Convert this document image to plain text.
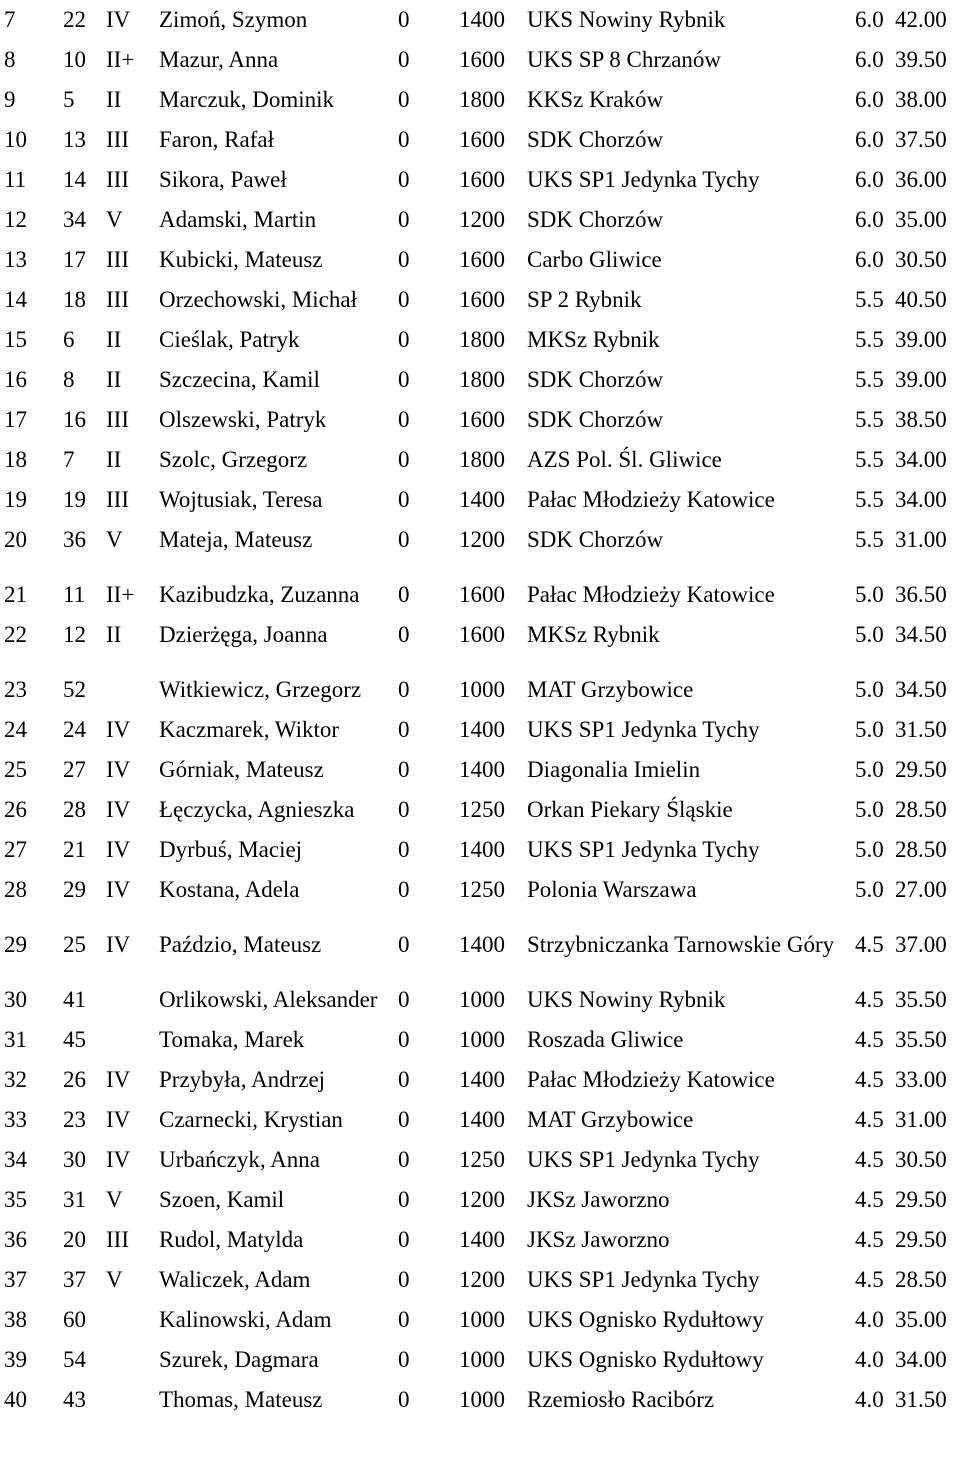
7	22 IV	Zimoń, Szymon	0	1400 UKS Nowiny Rybnik	6.0 42.00
8	10 II+	Mazur, Anna	0	1600 UKS SP 8 Chrzanów	6.0 39.50
9	5	II	Marczuk, Dominik	0	1800 KKSz Kraków	6.0 38.00
10	13 III	Faron, Rafał	0	1600 SDK Chorzów	6.0 37.50
11	14 III	Sikora, Paweł	0	1600 UKS SP1 Jedynka Tychy	6.0 36.00
12	34 V	Adamski, Martin	0	1200 SDK Chorzów	6.0 35.00
13	17 III	Kubicki, Mateusz	0	1600 Carbo Gliwice	6.0 30.50
14	18 III	Orzechowski, Michał	0	1600 SP 2 Rybnik	5.5 40.50
15	6	II	Cieślak, Patryk	0	1800 MKSz Rybnik	5.5 39.00
16	8	II	Szczecina, Kamil	0	1800 SDK Chorzów	5.5 39.00
17	16 III	Olszewski, Patryk	0	1600 SDK Chorzów	5.5 38.50
18	7	II	Szolc, Grzegorz	0	1800 AZS Pol. Śl. Gliwice	5.5 34.00
19	19 III	Wojtusiak, Teresa	0	1400 Pałac Młodzieży Katowice	5.5 34.00
20	36 V	Mateja, Mateusz	0	1200 SDK Chorzów	5.5 31.00
21	11 II+	Kazibudzka, Zuzanna	0	1600 Pałac Młodzieży Katowice	5.0 36.50
22	12 II	Dzierżęga, Joanna	0	1600 MKSz Rybnik	5.0 34.50
23	52	Witkiewicz, Grzegorz	0	1000 MAT Grzybowice	5.0 34.50
24	24 IV	Kaczmarek, Wiktor	0	1400 UKS SP1 Jedynka Tychy	5.0 31.50
25	27 IV	Górniak, Mateusz	0	1400 Diagonalia Imielin	5.0 29.50
26	28 IV	Łęczycka, Agnieszka	0	1250 Orkan Piekary Śląskie	5.0 28.50
27	21 IV	Dyrbuś, Maciej	0	1400 UKS SP1 Jedynka Tychy	5.0 28.50
28	29 IV	Kostana, Adela	0	1250 Polonia Warszawa	5.0 27.00
29	25 IV	Paździo, Mateusz	0	1400 Strzybniczanka Tarnowskie Góry 4.5 37.00
30	41	Orlikowski, Aleksander 0	1000 UKS Nowiny Rybnik	4.5 35.50
31	45	Tomaka, Marek	0	1000 Roszada Gliwice	4.5 35.50
32	26 IV	Przybyła, Andrzej	0	1400 Pałac Młodzieży Katowice	4.5 33.00
33	23 IV	Czarnecki, Krystian	0	1400 MAT Grzybowice	4.5 31.00
34	30 IV	Urbańczyk, Anna	0	1250 UKS SP1 Jedynka Tychy	4.5 30.50
35	31 V	Szoen, Kamil	0	1200 JKSz Jaworzno	4.5 29.50
36	20 III	Rudol, Matylda	0	1400 JKSz Jaworzno	4.5 29.50
37	37 V	Waliczek, Adam	0	1200 UKS SP1 Jedynka Tychy	4.5 28.50
38	60	Kalinowski, Adam	0	1000 UKS Ognisko Rydułtowy	4.0 35.00
39	54	Szurek, Dagmara	0	1000 UKS Ognisko Rydułtowy	4.0 34.00
40	43	Thomas, Mateusz	0	1000 Rzemiosło Racibórz	4.0 31.50
